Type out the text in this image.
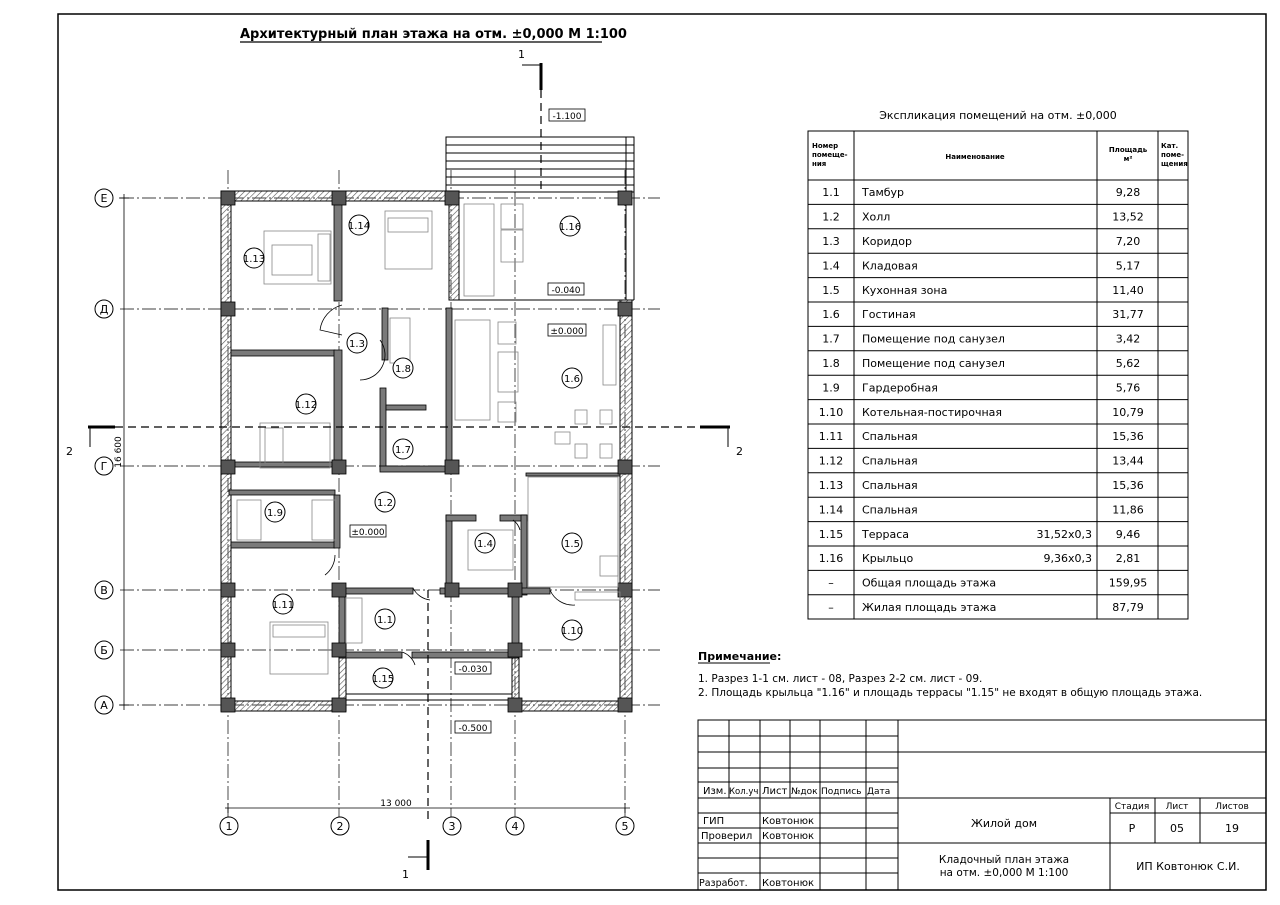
Архитектурный план этажа на отм. ±0,000 М 1:100
1.13
1.14	1.16
1.3
1.8
1.6
1.12
1.7
1.2
1.9
1.4	1.5
1.11
1.1
1.10
1.15
-1.100
-0.040
±0.000
±0.000
-0.030
-0.500
1
1
2	2
13 000
16 600
Е
Д
Г
В
Б
А
1	2	3	4	5
Экспликация помещений на отм. ±0,000
Номер помеще-ния
Наименование
Площадь м²
Кат. поме-щения
1.1 Тамбур	9,28
1.2 Холл	13,52
1.3 Коридор	7,20
1.4 Кладовая	5,17
1.5 Кухонная зона	11,40
1.6 Гостиная	31,77
1.7 Помещение под санузел	3,42
1.8 Помещение под санузел	5,62
1.9 Гардеробная	5,76
1.10 Котельная-постирочная	10,79
1.11 Спальная	15,36
1.12 Спальная	13,44
1.13 Спальная	15,36
1.14 Спальная	11,86
1.15 Терраса	31,52х0,3 9,46
1.16 Крыльцо	9,36х0,3 2,81
–	Общая площадь этажа	159,95
–	Жилая площадь этажа	87,79
Примечание:
1. Разрез 1-1 см. лист - 08, Разрез 2-2 см. лист - 09.
2. Площадь крыльца "1.16" и площадь террасы "1.15" не входят в общую площадь этажа.
Изм. Кол.уч Лист №док Подпись Дата
ГИП	Ковтонюк
Проверил Ковтонюк
Разработ. Ковтонюк
Жилой дом
Кладочный план этажа
на отм. ±0,000 М 1:100
Стадия Лист	Листов
Р	05	19
ИП Ковтонюк С.И.
